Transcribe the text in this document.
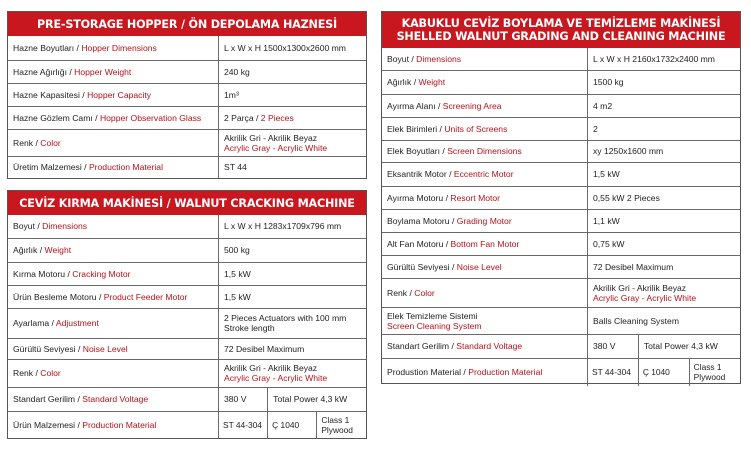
PRE-STORAGE HOPPER / ÖN DEPOLAMA HAZNESİ
Hazne Boyutları / Hopper Dimensions	L x W x H 1500x1300x2600 mm
Hazne Ağırlığı / Hopper Weight	240 kg
Hazne Kapasitesi / Hopper Capacity	1m³
Hazne Gözlem Camı / Hopper Observation Glass	2 Parça / 2 Pieces
Renk / Color	Akrilik Gri - Akrilik Beyaz
Acrylic Gray - Acrylic White

Üretim Malzemesi / Production Material	ST 44
CEVİZ KIRMA MAKİNESİ / WALNUT CRACKING MACHINE
Boyut / Dimensions	L x W x H 1283x1709x796 mm		
Ağırlık / Weight	500 kg		
Kırma Motoru / Cracking Motor	1,5 kW		
Ürün Besleme Motoru / Product Feeder Motor	1,5 kW		
Ayarlama / Adjustment	2 Pieces Actuators with 100 mm Stroke length		
Gürültü Seviyesi / Noise Level	72 Desibel Maximum		
Renk / Color	Akrilik Gri - Akrilik Beyaz
Acrylic Gray - Acrylic White		

Standart Gerilim / Standard Voltage	380 V	Total Power 4,3 kW	
Ürün Malzemesi / Production Material	ST 44-304	Ç 1040	Class 1 Plywood
KABUKLU CEVİZ BOYLAMA VE TEMİZLEME MAKİNESİ
SHELLED WALNUT GRADING AND CLEANING MACHINE
Boyut / Dimensions	L x W x H 2160x1732x2400 mm		
Ağırlık / Weight	1500 kg		
Ayırma Alanı / Screening Area	4 m2		
Elek Birimleri / Units of Screens	2		
Elek Boyutları / Screen Dimensions	xy 1250x1600 mm		
Eksantrik Motor / Eccentric Motor	1,5 kW		
Ayırma Motoru / Resort Motor	0,55 kW 2 Pieces		
Boylama Motoru / Grading Motor	1,1 kW		
Alt Fan Motoru / Bottom Fan Motor	0,75 kW		
Gürültü Seviyesi / Noise Level	72 Desibel Maximum		
Renk / Color	Akrilik Gri - Akrilik Beyaz
Acrylic Gray - Acrylic White		

Elek Temizleme Sistemi
Screen Cleaning System	Balls Cleaning System		
Standart Gerilim / Standard Voltage	380 V	Total Power 4,3 kW	
Produstion Material / Production Material	ST 44-304	Ç 1040	Class 1 Plywood
